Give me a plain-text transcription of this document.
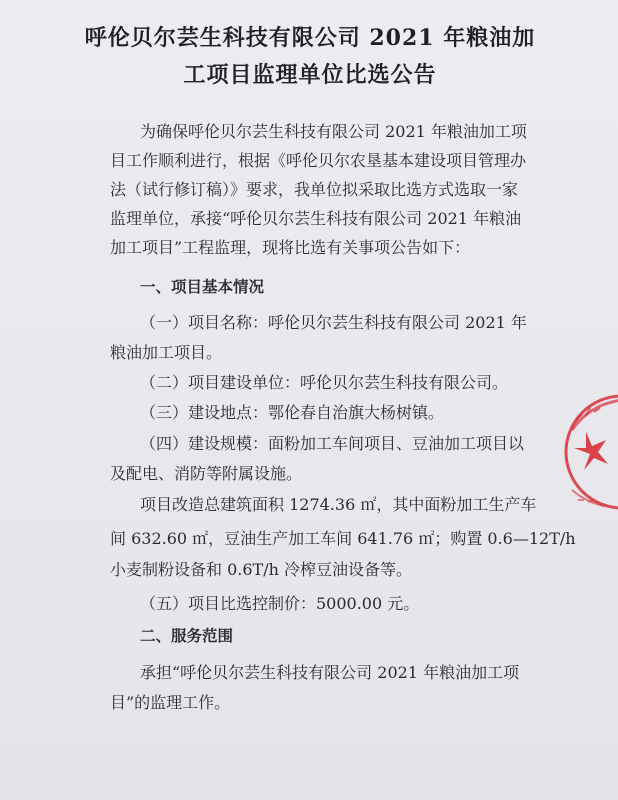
呼伦贝尔芸生科技有限公司 2021 年粮油加
工项目监理单位比选公告
为确保呼伦贝尔芸生科技有限公司 2021 年粮油加工项
目工作顺利进行，根据《呼伦贝尔农垦基本建设项目管理办
法（试行修订稿）》要求，我单位拟采取比选方式选取一家
监理单位，承接“呼伦贝尔芸生科技有限公司 2021 年粮油
加工项目”工程监理，现将比选有关事项公告如下：
一、项目基本情况
（一）项目名称：呼伦贝尔芸生科技有限公司 2021 年
粮油加工项目。
（二）项目建设单位：呼伦贝尔芸生科技有限公司。
（三）建设地点：鄂伦春自治旗大杨树镇。
（四）建设规模：面粉加工车间项目、豆油加工项目以
及配电、消防等附属设施。
项目改造总建筑面积 1274.36 ㎡，其中面粉加工生产车
间 632.60 ㎡，豆油生产加工车间 641.76 ㎡；购置 0.6—12T/h
小麦制粉设备和 0.6T/h 冷榨豆油设备等。
（五）项目比选控制价：5000.00 元。
二、服务范围
承担“呼伦贝尔芸生科技有限公司 2021 年粮油加工项
目”的监理工作。
